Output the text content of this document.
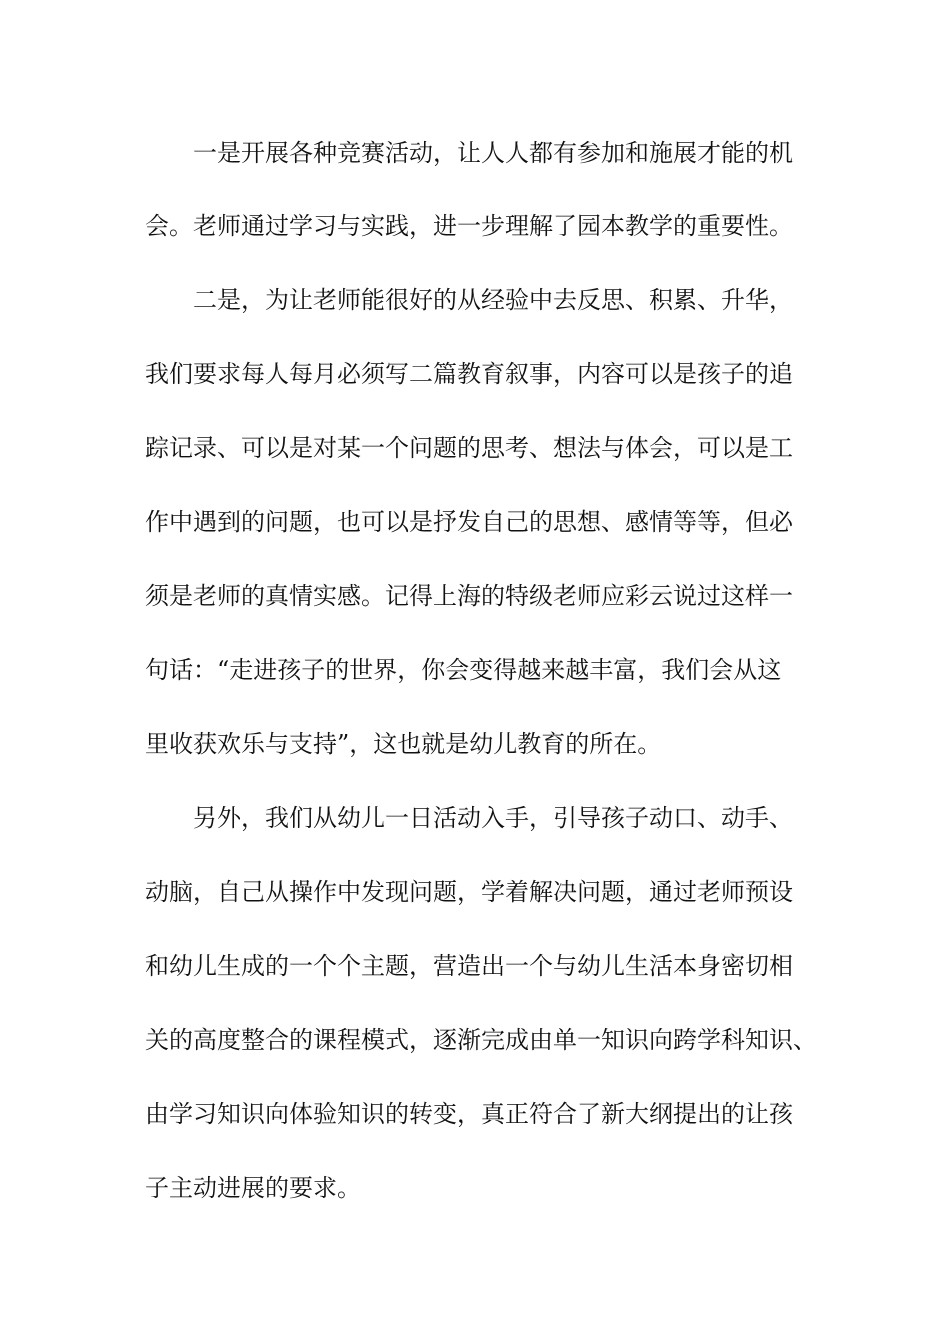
一是开展各种竞赛活动，让人人都有参加和施展才能的机

会。老师通过学习与实践，进一步理解了园本教学的重要性。

二是，为让老师能很好的从经验中去反思、积累、升华，

我们要求每人每月必须写二篇教育叙事，内容可以是孩子的追

踪记录、可以是对某一个问题的思考、想法与体会，可以是工

作中遇到的问题，也可以是抒发自己的思想、感情等等，但必

须是老师的真情实感。记得上海的特级老师应彩云说过这样一

句话：“走进孩子的世界，你会变得越来越丰富，我们会从这

里收获欢乐与支持”，这也就是幼儿教育的所在。

另外，我们从幼儿一日活动入手，引导孩子动口、动手、

动脑，自己从操作中发现问题，学着解决问题，通过老师预设

和幼儿生成的一个个主题，营造出一个与幼儿生活本身密切相

关的高度整合的课程模式，逐渐完成由单一知识向跨学科知识、

由学习知识向体验知识的转变，真正符合了新大纲提出的让孩

子主动进展的要求。
